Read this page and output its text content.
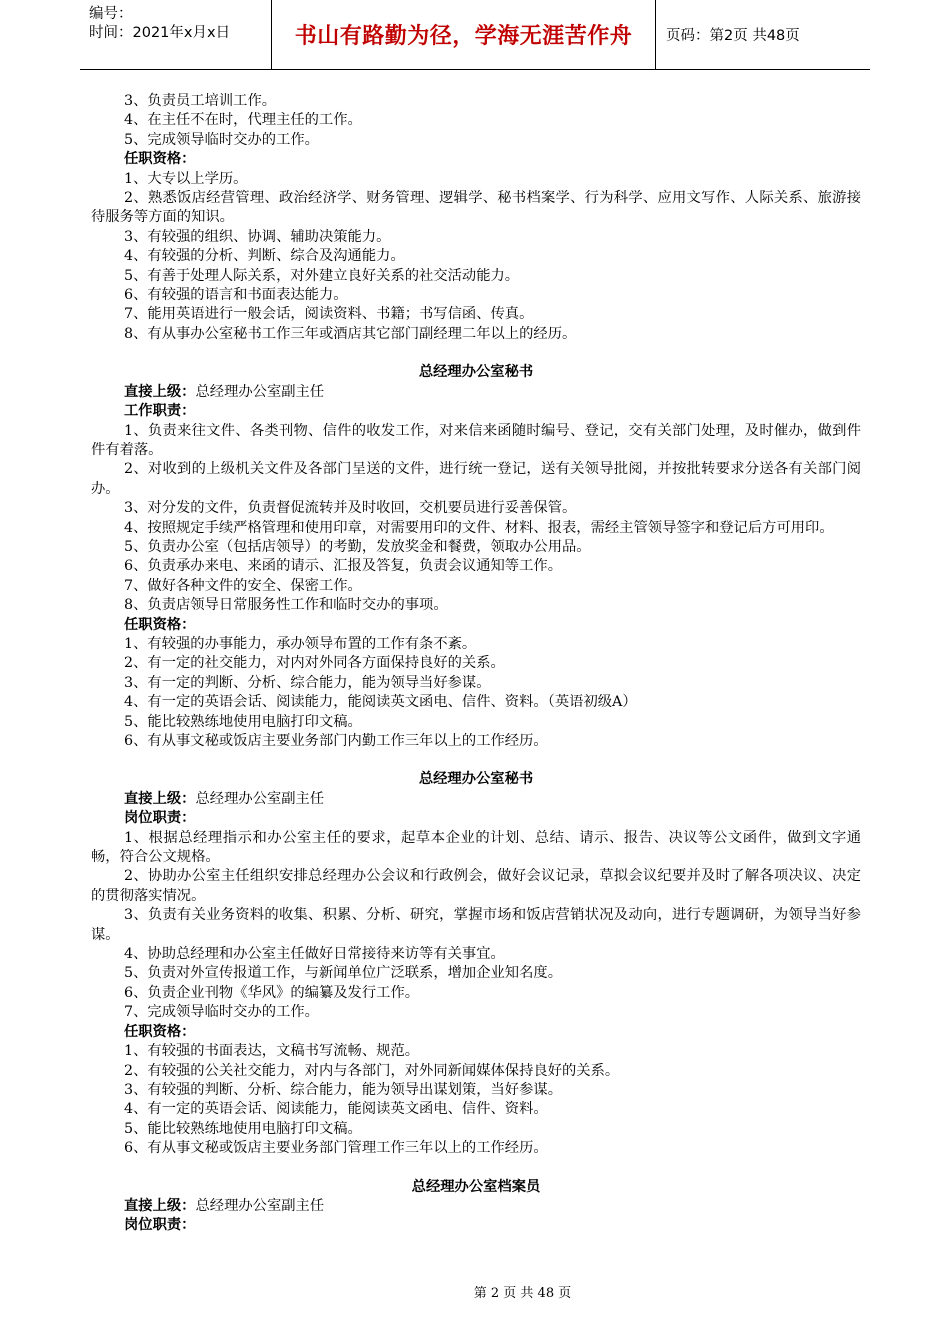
编号：
时间：2021年x月x日	书山有路勤为径，学海无涯苦作舟	页码：第2页 共48页

3、负责员工培训工作。

4、在主任不在时，代理主任的工作。

5、完成领导临时交办的工作。

任职资格：

1、大专以上学历。

2、熟悉饭店经营管理、政治经济学、财务管理、逻辑学、秘书档案学、行为科学、应用文写作、人际关系、旅游接待服务等方面的知识。

3、有较强的组织、协调、辅助决策能力。

4、有较强的分析、判断、综合及沟通能力。

5、有善于处理人际关系，对外建立良好关系的社交活动能力。

6、有较强的语言和书面表达能力。

7、能用英语进行一般会话，阅读资料、书籍；书写信函、传真。

8、有从事办公室秘书工作三年或酒店其它部门副经理二年以上的经历。

总经理办公室秘书

直接上级：总经理办公室副主任

工作职责：

1、负责来往文件、各类刊物、信件的收发工作，对来信来函随时编号、登记，交有关部门处理，及时催办，做到件件有着落。

2、对收到的上级机关文件及各部门呈送的文件，进行统一登记，送有关领导批阅，并按批转要求分送各有关部门阅办。

3、对分发的文件，负责督促流转并及时收回，交机要员进行妥善保管。

4、按照规定手续严格管理和使用印章，对需要用印的文件、材料、报表，需经主管领导签字和登记后方可用印。

5、负责办公室（包括店领导）的考勤，发放奖金和餐费，领取办公用品。

6、负责承办来电、来函的请示、汇报及答复，负责会议通知等工作。

7、做好各种文件的安全、保密工作。

8、负责店领导日常服务性工作和临时交办的事项。

任职资格：

1、有较强的办事能力，承办领导布置的工作有条不紊。

2、有一定的社交能力，对内对外同各方面保持良好的关系。

3、有一定的判断、分析、综合能力，能为领导当好参谋。

4、有一定的英语会话、阅读能力，能阅读英文函电、信件、资料。（英语初级A）

5、能比较熟练地使用电脑打印文稿。

6、有从事文秘或饭店主要业务部门内勤工作三年以上的工作经历。

总经理办公室秘书

直接上级：总经理办公室副主任

岗位职责：

1、根据总经理指示和办公室主任的要求，起草本企业的计划、总结、请示、报告、决议等公文函件，做到文字通畅，符合公文规格。

2、协助办公室主任组织安排总经理办公会议和行政例会，做好会议记录，草拟会议纪要并及时了解各项决议、决定的贯彻落实情况。

3、负责有关业务资料的收集、积累、分析、研究，掌握市场和饭店营销状况及动向，进行专题调研，为领导当好参谋。

4、协助总经理和办公室主任做好日常接待来访等有关事宜。

5、负责对外宣传报道工作，与新闻单位广泛联系，增加企业知名度。

6、负责企业刊物《华风》的编纂及发行工作。

7、完成领导临时交办的工作。

任职资格：

1、有较强的书面表达，文稿书写流畅、规范。

2、有较强的公关社交能力，对内与各部门，对外同新闻媒体保持良好的关系。

3、有较强的判断、分析、综合能力，能为领导出谋划策，当好参谋。

4、有一定的英语会话、阅读能力，能阅读英文函电、信件、资料。

5、能比较熟练地使用电脑打印文稿。

6、有从事文秘或饭店主要业务部门管理工作三年以上的工作经历。

总经理办公室档案员

直接上级：总经理办公室副主任

岗位职责：

第 2 页 共 48 页
